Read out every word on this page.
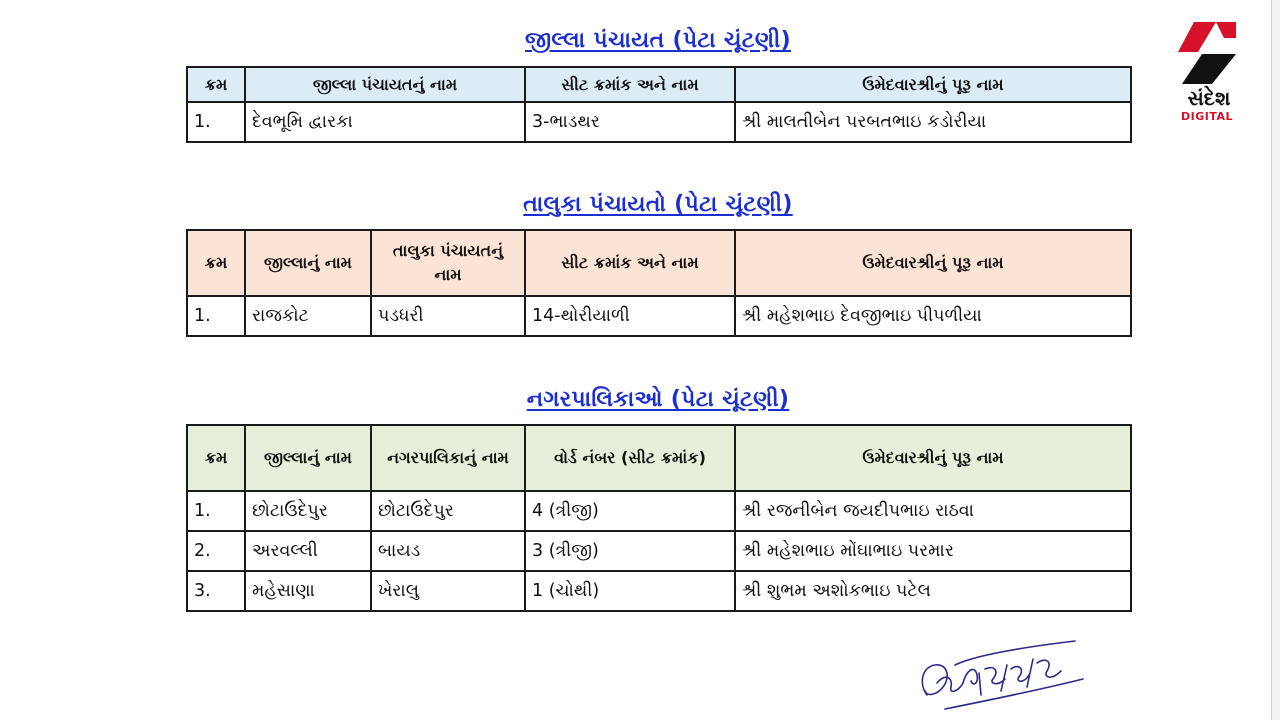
જીલ્લા પંચાયત (પેટા ચૂંટણી)
ક્રમ	જીલ્લા પંચાયતનું નામ	સીટ ક્રમાંક અને નામ	ઉમેદવારશ્રીનું પૂરૂ નામ
1.	દેવભૂમિ દ્વારકા	3-ભાડથર	શ્રી માલતીબેન પરબતભાઇ કડોરીયા
તાલુકા પંચાયતો (પેટા ચૂંટણી)
ક્રમ	જીલ્લાનું નામ	તાલુકા પંચાયતનું નામ	સીટ ક્રમાંક અને નામ	ઉમેદવારશ્રીનું પૂરૂ નામ
1.	રાજકોટ	પડધરી	14-થોરીયાળી	શ્રી મહેશભાઇ દેવજીભાઇ પીપળીયા
નગરપાલિકાઓ (પેટા ચૂંટણી)
ક્રમ	જીલ્લાનું નામ	નગરપાલિકાનું નામ	વોર્ડ નંબર (સીટ ક્રમાંક)	ઉમેદવારશ્રીનું પૂરૂ નામ
1.	છોટાઉદેપુર	છોટાઉદેપુર	4 (ત્રીજી)	શ્રી રજનીબેન જયદીપભાઇ રાઠવા
2.	અરવલ્લી	બાયડ	3 (ત્રીજી)	શ્રી મહેશભાઇ મોંઘાભાઇ પરમાર
3.	મહેસાણા	ખેરાલુ	1 (ચોથી)	શ્રી શુભમ અશોકભાઇ પટેલ
સંદેશ
DIGITAL
